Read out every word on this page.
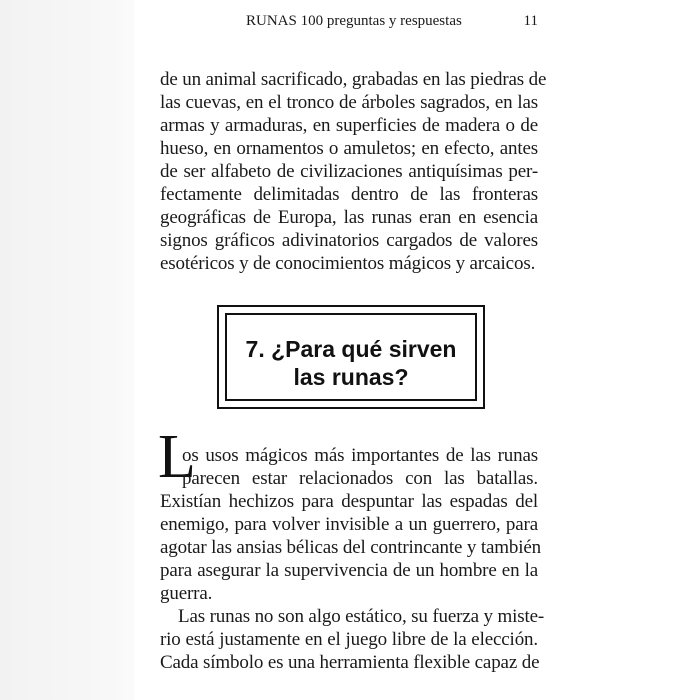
RUNAS 100 preguntas y respuestas	11
de un animal sacrificado, grabadas en las piedras de
las cuevas, en el tronco de árboles sagrados, en las
armas y armaduras, en superficies de madera o de
hueso, en ornamentos o amuletos; en efecto, antes
de ser alfabeto de civilizaciones antiquísimas per-
fectamente delimitadas dentro de las fronteras
geográficas de Europa, las runas eran en esencia
signos gráficos adivinatorios cargados de valores
esotéricos y de conocimientos mágicos y arcaicos.
7. ¿Para qué sirven
las runas?
L
os usos mágicos más importantes de las runas
parecen estar relacionados con las batallas.
Existían hechizos para despuntar las espadas del
enemigo, para volver invisible a un guerrero, para
agotar las ansias bélicas del contrincante y también
para asegurar la supervivencia de un hombre en la
guerra.
Las runas no son algo estático, su fuerza y miste-
rio está justamente en el juego libre de la elección.
Cada símbolo es una herramienta flexible capaz de
